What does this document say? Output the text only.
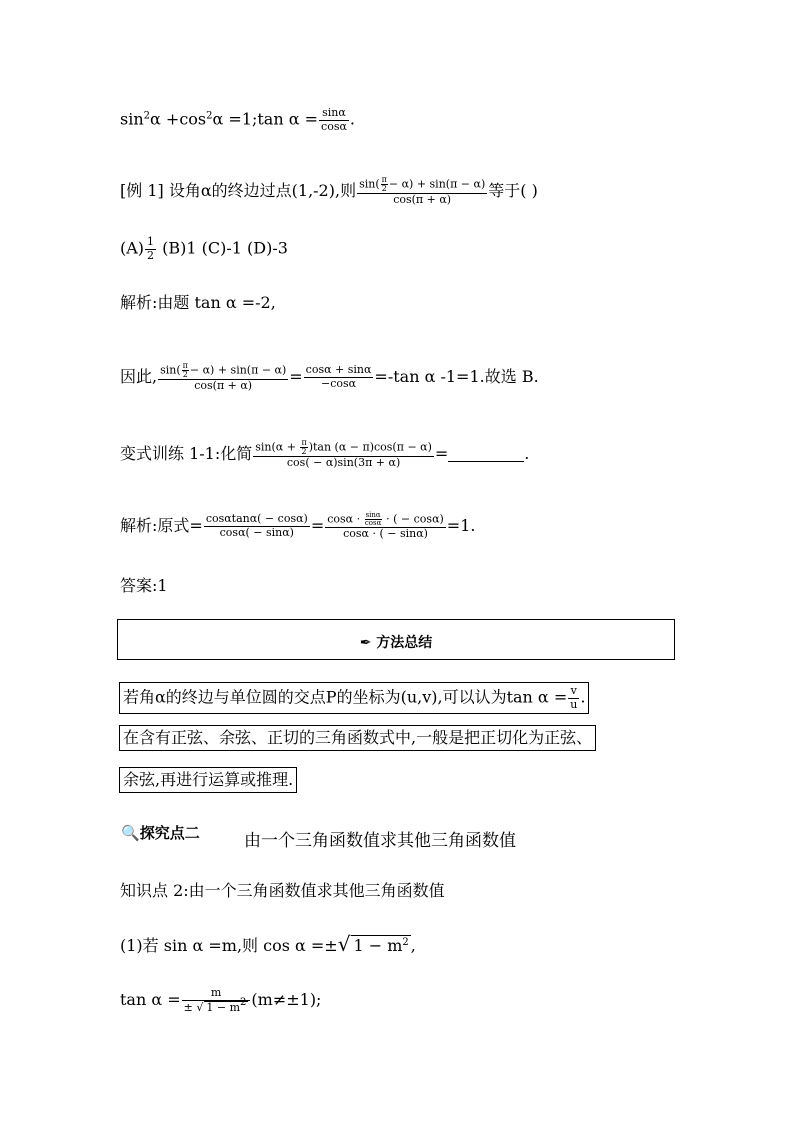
$\sin^2\alpha +\cos^2\alpha$ =1;tan $\alpha = \frac{\sin\alpha}{\cos\alpha}$ .
[例 1] 设角α的终边过点(1,-2),则 $\frac{\sin( \frac{\pi}{2} - \alpha) + \sin(\pi - \alpha)}{\cos(\pi + \alpha)}$ 等于( )
$(A) \frac{1}{2} (B)1$ (C)-1 (D)-3
解析:由题 tan α =-2,
因此, $\frac{\sin( \frac{\pi}{2} - \alpha) + \sin(\pi - \alpha)}{\cos(\pi + \alpha)} = \frac{\cos\alpha + \sin\alpha}{-\cos\alpha} =-\tan$ α -1=1.故选 B.
变式训练 1-1:化简 $\frac{\sin(\alpha + \frac{\pi}{2} )\tan (\alpha - \pi)\cos(\pi - \alpha)}{\cos( - \alpha)\sin(3\pi + \alpha)}$ =	.
解析:原式= $\frac{\cos\alpha\tan\alpha( - \cos\alpha)}{\cos\alpha( - \sin\alpha)} = \frac{\cos\alpha \cdot \frac{\sin\alpha}{\cos\alpha} \cdot ( - \cos\alpha)}{\cos\alpha \cdot ( - \sin\alpha)} =1$.
答案:1
✒ 方法总结
若角α的终边与单位圆的交点P的坐标为(u,v),可以认为$\tan \alpha = \frac{v}{u}$ .
在含有正弦、余弦、正切的三角函数式中,一般是把正切化为正弦、
余弦,再进行运算或推理.
🔍探究点二	由一个三角函数值求其他三角函数值
知识点 2:由一个三角函数值求其他三角函数值
(1)若 sin α =m,则 cos α =±√ $1 - m^2$ ,
$\tan \alpha = \frac{m}{\pm √ 1 - m^2} (m\ne\pm 1)$;
